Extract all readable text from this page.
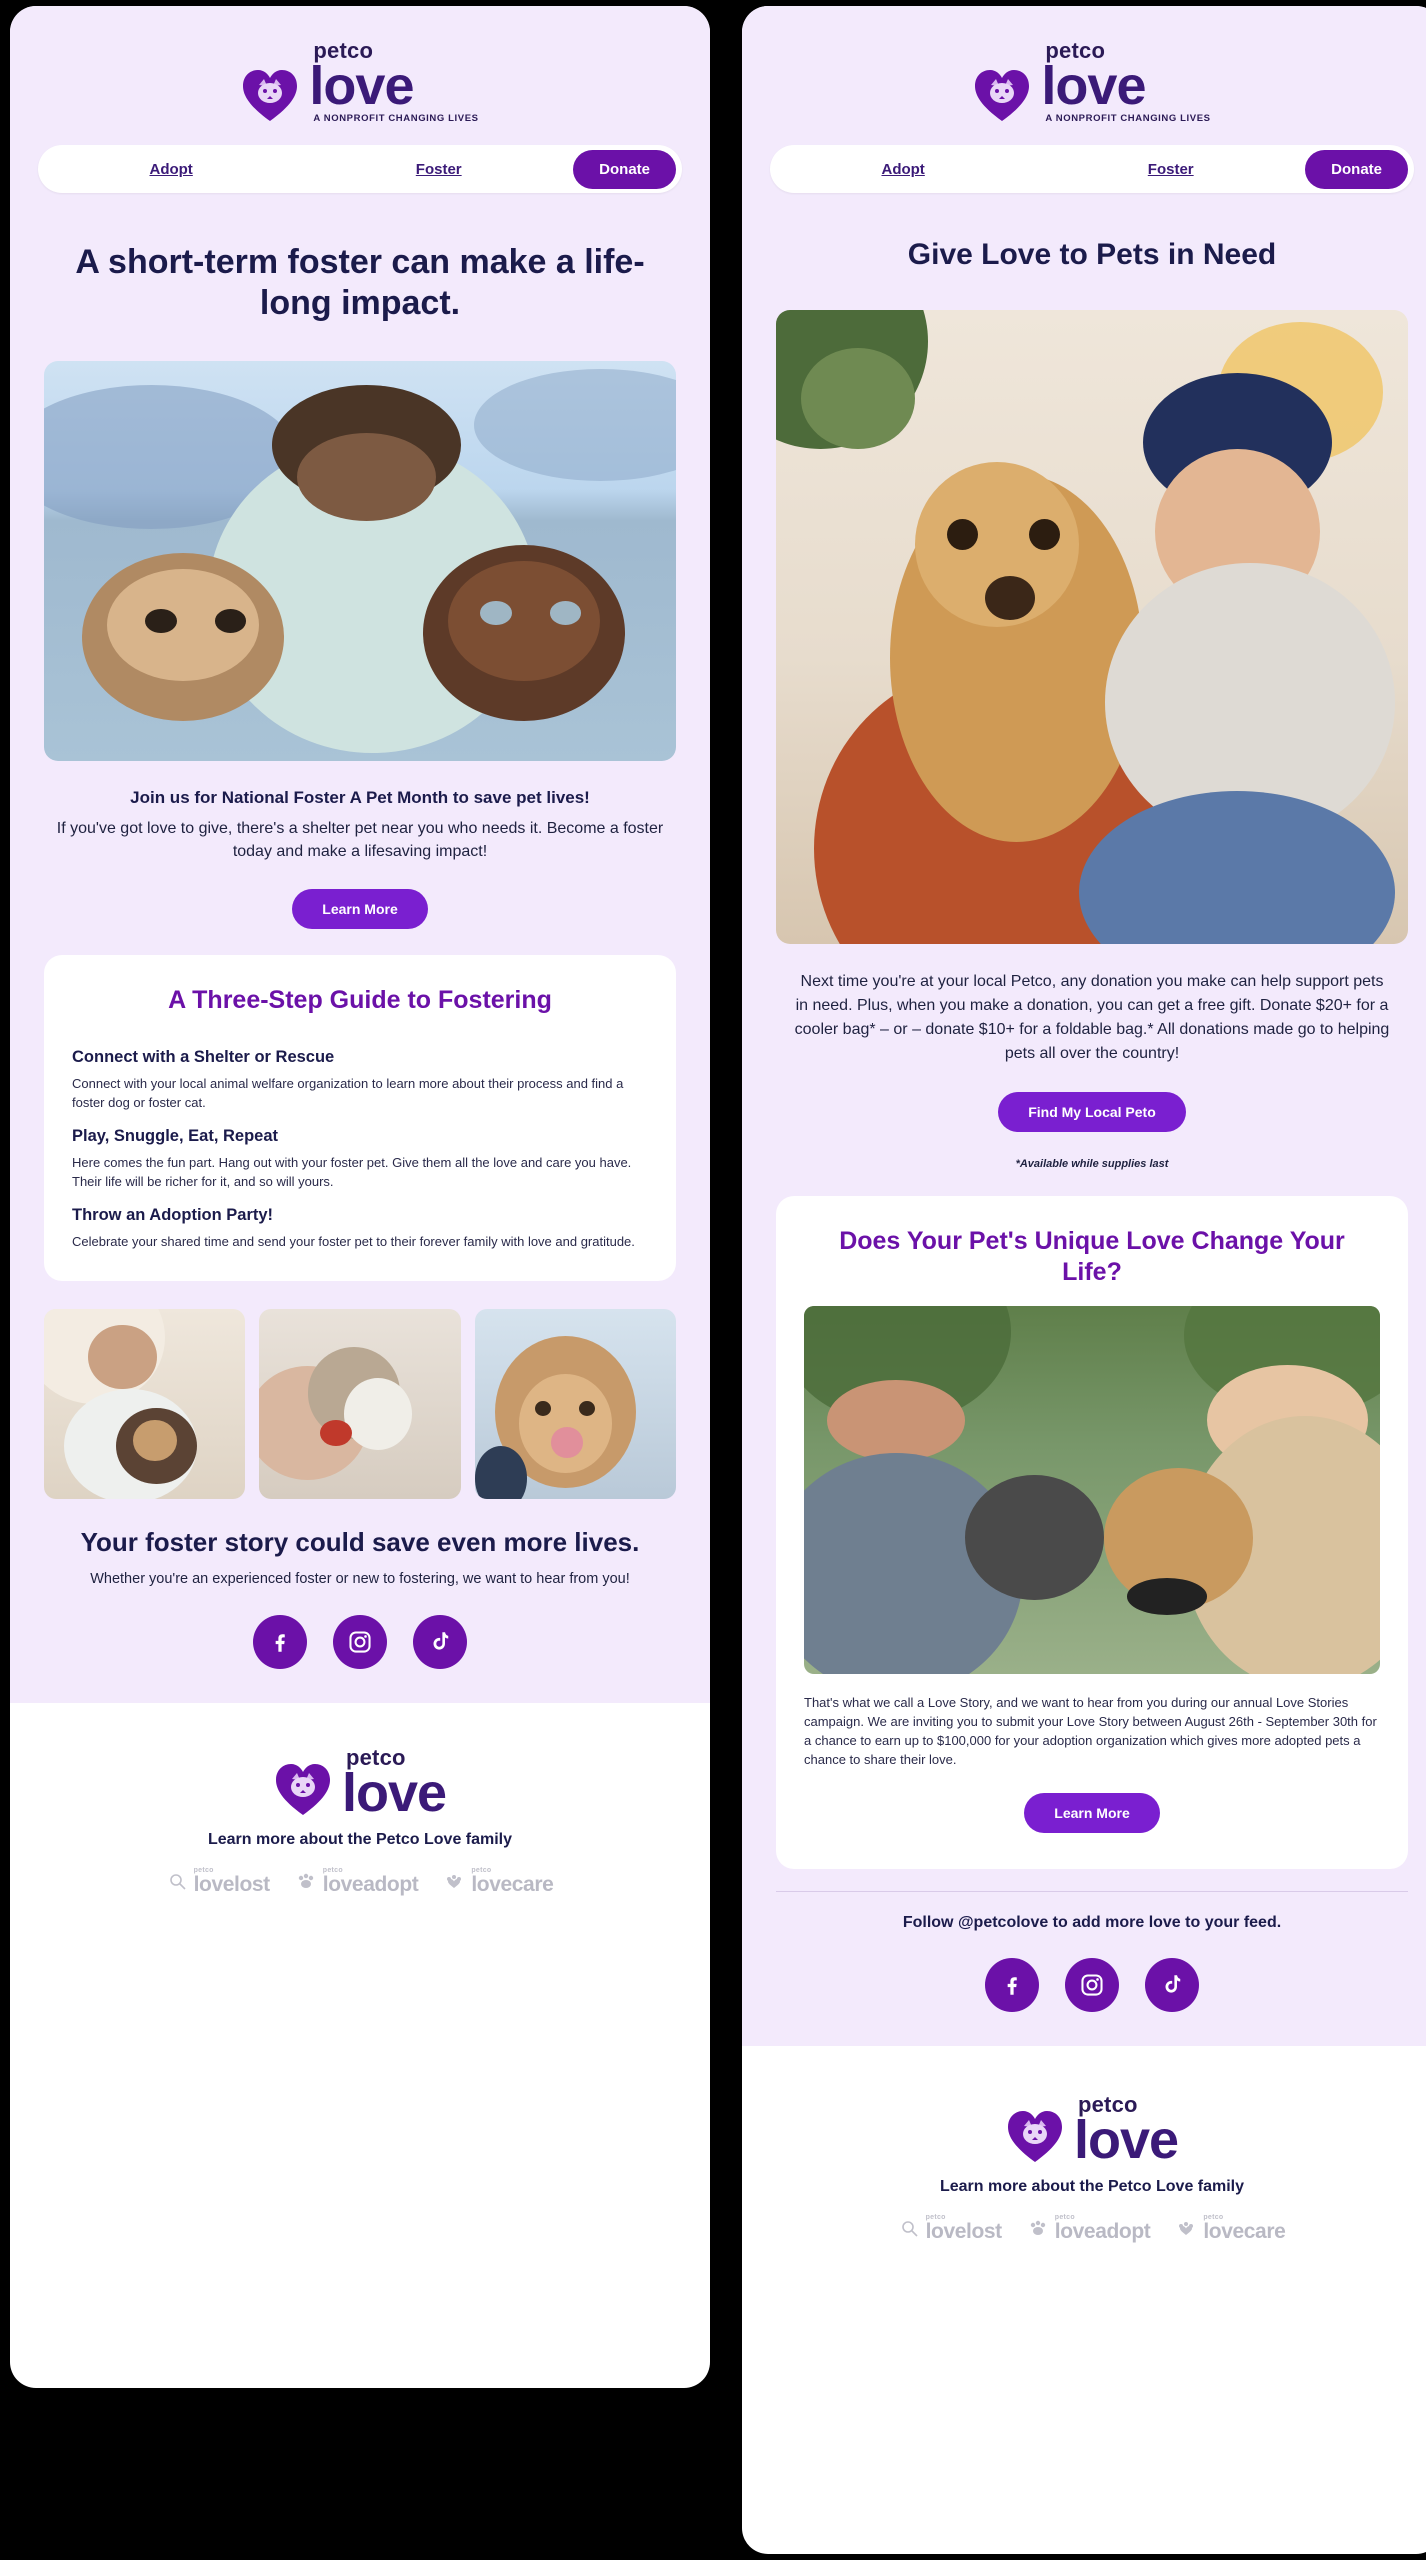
petco
love
A NONPROFIT CHANGING LIVES
Adopt	Foster	Donate
A short-term foster can make a life-long impact.
Join us for National Foster A Pet Month to save pet lives!
If you've got love to give, there's a shelter pet near you who needs it. Become a foster today and make a lifesaving impact!
Learn More
A Three-Step Guide to Fostering
Connect with a Shelter or Rescue

Connect with your local animal welfare organization to learn more about their process and find a foster dog or foster cat.

Play, Snuggle, Eat, Repeat

Here comes the fun part. Hang out with your foster pet. Give them all the love and care you have. Their life will be richer for it, and so will yours.

Throw an Adoption Party!

Celebrate your shared time and send your foster pet to their forever family with love and gratitude.

Your foster story could save even more lives.
Whether you're an experienced foster or new to fostering, we want to hear from you!
petco
love
Learn more about the Petco Love family
petco
lovelost
petco
loveadopt
petco
lovecare
petco
love
A NONPROFIT CHANGING LIVES
Adopt	Foster	Donate
Give Love to Pets in Need
Next time you're at your local Petco, any donation you make can help support pets in need. Plus, when you make a donation, you can get a free gift. Donate $20+ for a cooler bag* – or – donate $10+ for a foldable bag.* All donations made go to helping pets all over the country!
Find My Local Peto
*Available while supplies last
Does Your Pet's Unique Love Change Your Life?

That's what we call a Love Story, and we want to hear from you during our annual Love Stories campaign. We are inviting you to submit your Love Story between August 26th - September 30th for a chance to earn up to $100,000 for your adoption organization which gives more adopted pets a chance to share their love.

Learn More
Follow @petcolove to add more love to your feed.
petco
love
Learn more about the Petco Love family
petco
lovelost
petco
loveadopt
petco
lovecare
